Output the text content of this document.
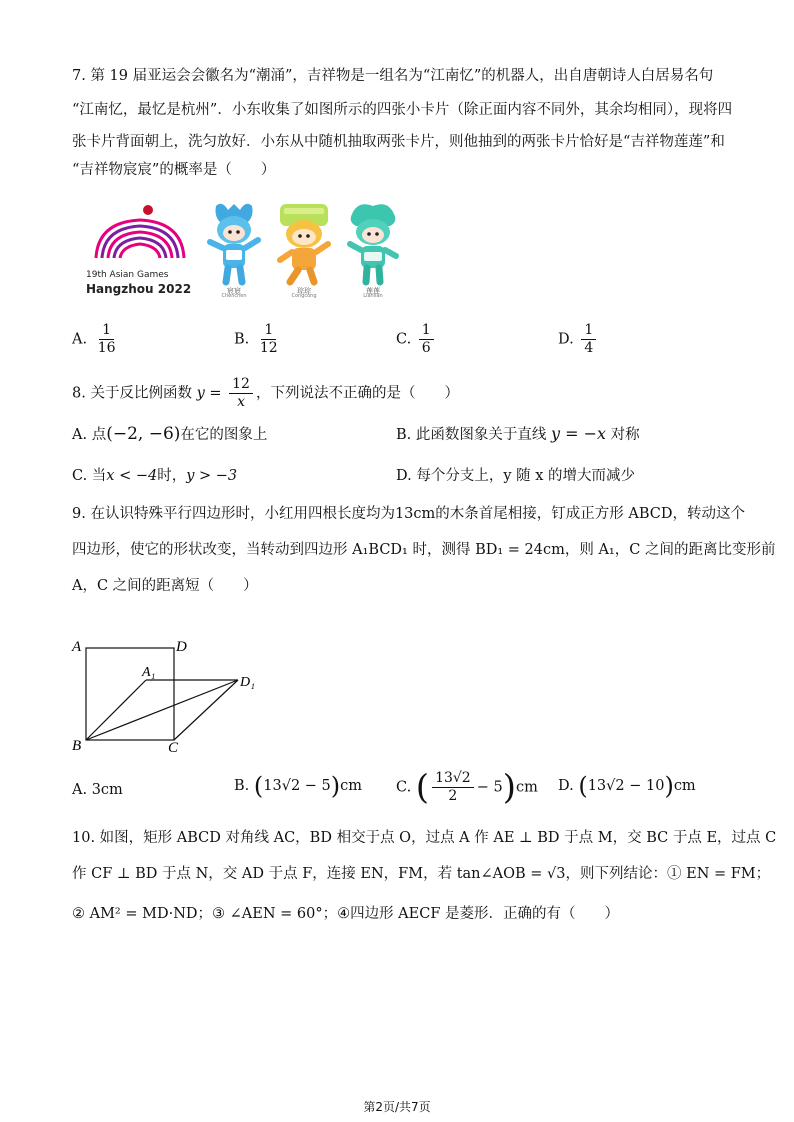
7. 第 19 届亚运会会徽名为“潮涌”，吉祥物是一组名为“江南忆”的机器人，出自唐朝诗人白居易名句
“江南忆，最忆是杭州”．小东收集了如图所示的四张小卡片（除正面内容不同外，其余均相同），现将四
张卡片背面朝上，洗匀放好．小东从中随机抽取两张卡片，则他抽到的两张卡片恰好是“吉祥物莲莲”和
“吉祥物宸宸”的概率是（　　）
19th Asian Games
Hangzhou 2022	宸宸
Chenchen
琮琮
Congcong
莲莲
Lianlian
A. $\frac{1}{16}$	B. $\frac{1}{12}$	C. $\frac{1}{6}$	D. $\frac{1}{4}$
8. 关于反比例函数 $y = \frac{12}{x}$ ，下列说法不正确的是（　　）
A. 点(−2, −6)在它的图象上	B. 此函数图象关于直线 y = −x 对称
C. 当x < −4时，y > −3	D. 每个分支上，y 随 x 的增大而减少
9. 在认识特殊平行四边形时，小红用四根长度均为13cm的木条首尾相接，钉成正方形 ABCD，转动这个
四边形，使它的形状改变，当转动到四边形 A₁BCD₁ 时，测得 BD₁ = 24cm，则 A₁，C 之间的距离比变形前
A，C 之间的距离短（　　）
A	D
A₁
D₁
B	C
A. 3cm	B. (13√2 − 5)cm C. ( $\frac{13√2}{2} - 5)cm$ D. (13√2 − 10)cm
10. 如图，矩形 ABCD 对角线 AC，BD 相交于点 O，过点 A 作 AE ⊥ BD 于点 M，交 BC 于点 E，过点 C
作 CF ⊥ BD 于点 N，交 AD 于点 F，连接 EN，FM，若 tan∠AOB = √3，则下列结论：① EN = FM；
② AM² = MD·ND；③ ∠AEN = 60°；④四边形 AECF 是菱形．正确的有（　　）
第2页/共7页
